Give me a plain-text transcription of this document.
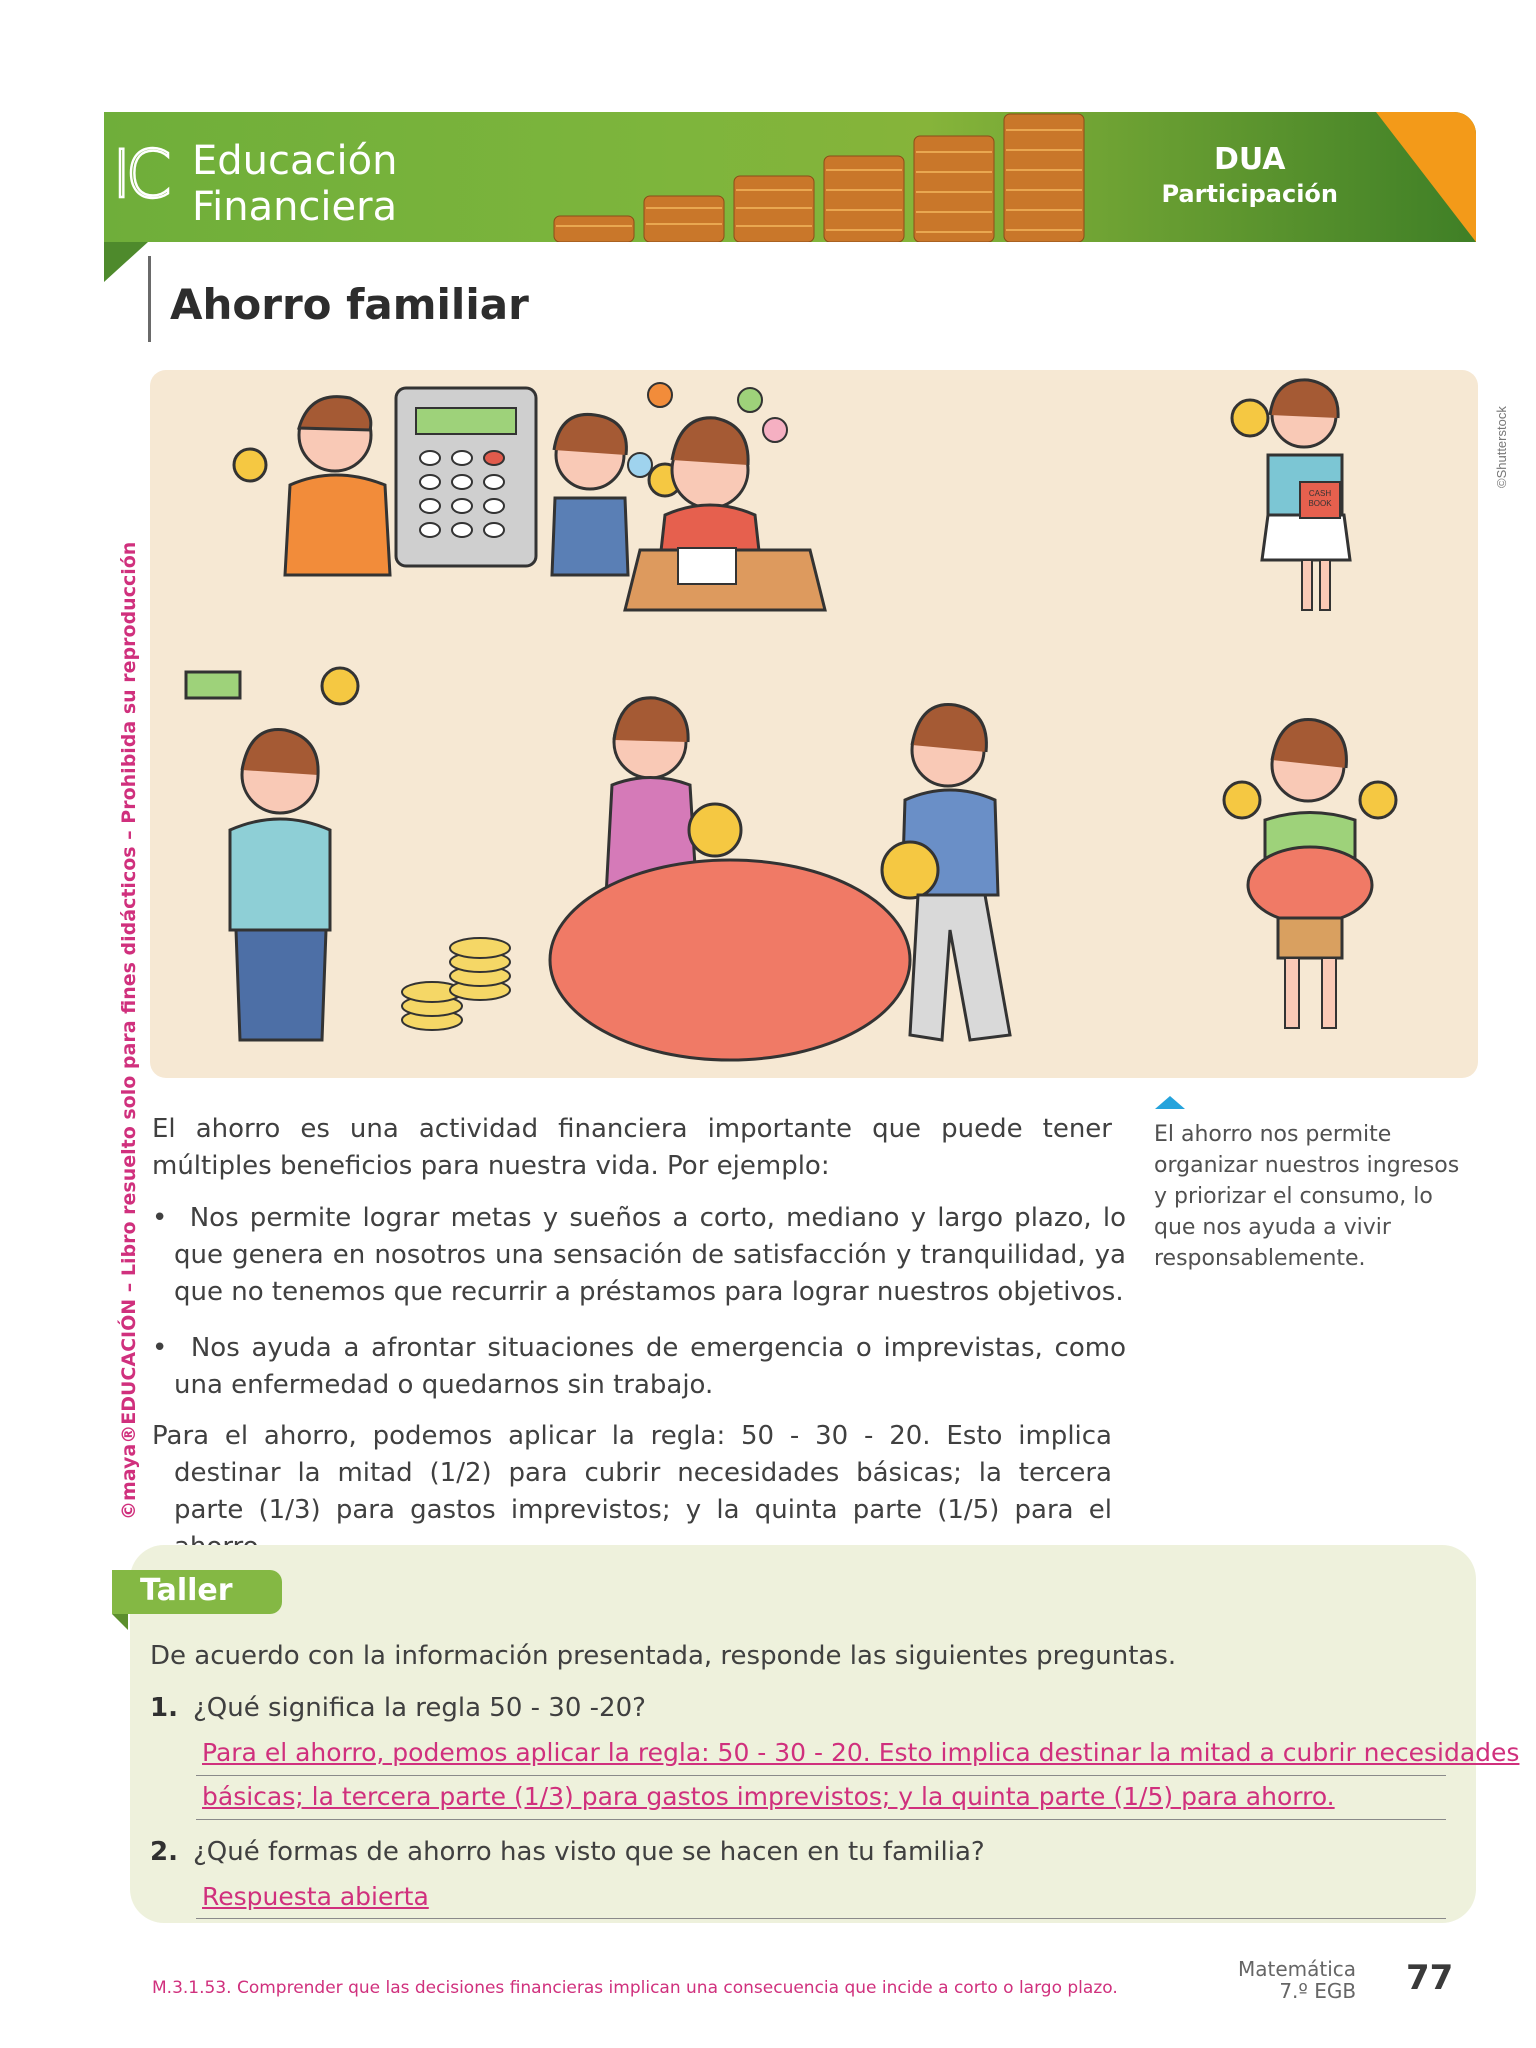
IC Educación
Financiera
DUA
Participación
Ahorro familiar
CASH
BOOK
©Shutterstock
©maya®EDUCACIÓN – Libro resuelto solo para fines didácticos – Prohibida su reproducción El ahorro es una actividad financiera importante que puede tener múltiples beneficios para nuestra vida. Por ejemplo:
•  Nos permite lograr metas y sueños a corto, mediano y largo plazo, lo que genera en nosotros una sensación de satisfacción y tranquilidad, ya que no tenemos que recurrir a préstamos para lograr nuestros objetivos.
•  Nos ayuda a afrontar situaciones de emergencia o imprevistas, como una enfermedad o quedarnos sin trabajo.
Para el ahorro, podemos aplicar la regla: 50 - 30 - 20. Esto implica destinar la mitad (1/2) para cubrir necesidades básicas; la tercera parte (1/3) para gastos imprevistos; y la quinta parte (1/5) para el
El ahorro nos permite organizar nuestros ingresos y priorizar el consumo, lo que nos ayuda a vivir responsablemente.
Taller
De acuerdo con la información presentada, responde las siguientes preguntas.
1. ¿Qué significa la regla 50 - 30 -20?
Para el ahorro, podemos aplicar la regla: 50 - 30 - 20. Esto implica destinar la mitad a cubrir necesidades
básicas; la tercera parte (1/3) para gastos imprevistos; y la quinta parte (1/5) para ahorro.
2. ¿Qué formas de ahorro has visto que se hacen en tu familia?
Respuesta abierta
M.3.1.53. Comprender que las decisiones financieras implican una consecuencia que incide a corto o largo plazo.
Matemática
7.º EGB 77
